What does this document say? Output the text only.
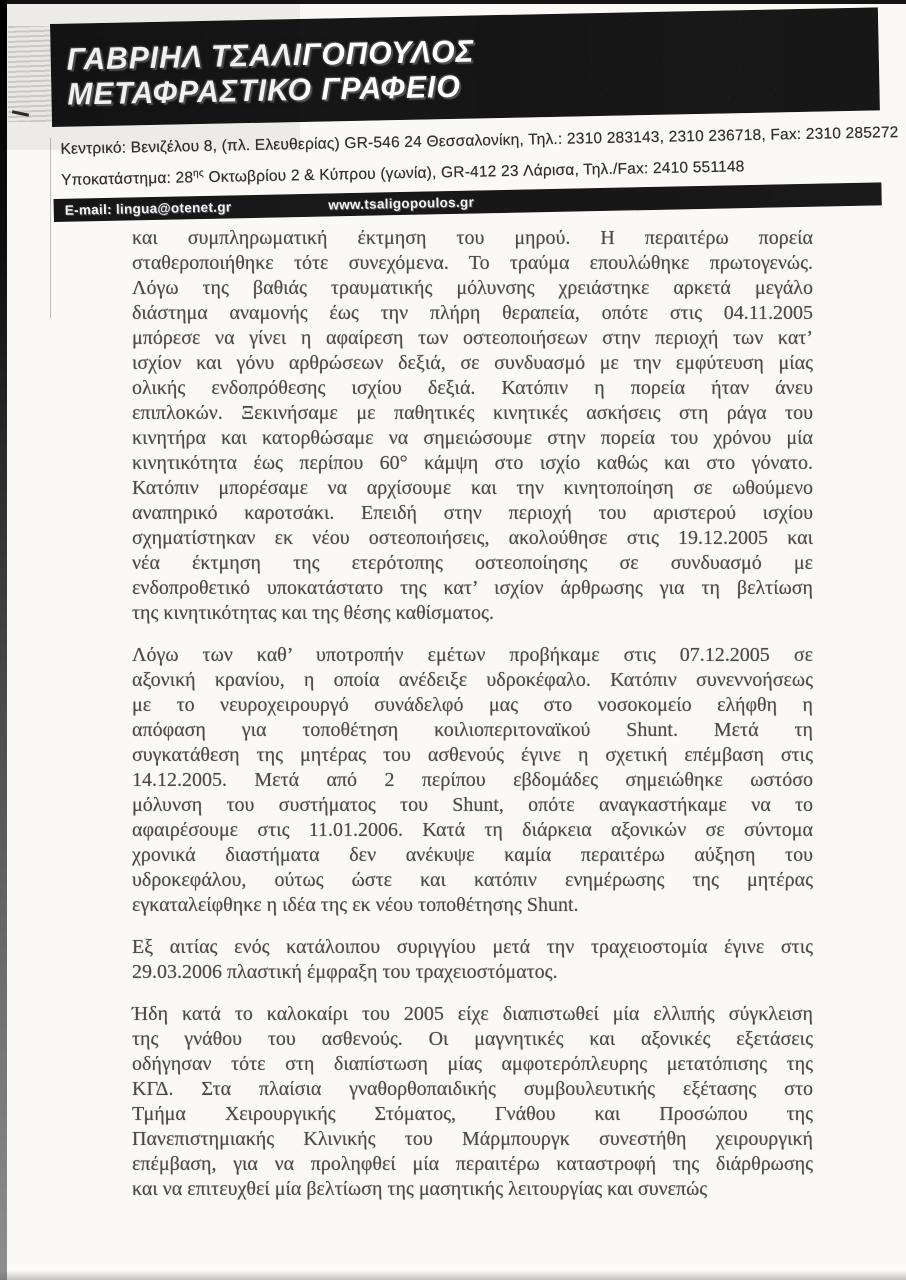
ΓΑΒΡΙΗΛ ΤΣΑΛΙΓΟΠΟΥΛΟΣ
ΜΕΤΑΦΡΑΣΤΙΚΟ ΓΡΑΦΕΙΟ
Κεντρικό: Βενιζέλου 8, (πλ. Ελευθερίας) GR-546 24 Θεσσαλονίκη, Τηλ.: 2310 283143, 2310 236718, Fax: 2310 285272
Υποκατάστημα: $28^{\eta\varsigma}$ Οκτωβρίου 2 & Κύπρου (γωνία), GR-412 23 Λάρισα, Τηλ./Fax: 2410 551148
E-mail: lingua@otenet.gr	www.tsaligopoulos.gr
και συμπληρωματική έκτμηση του μηρού. Η περαιτέρω πορεία
σταθεροποιήθηκε τότε συνεχόμενα. Το τραύμα επουλώθηκε πρωτογενώς.
Λόγω της βαθιάς τραυματικής μόλυνσης χρειάστηκε αρκετά μεγάλο
διάστημα αναμονής έως την πλήρη θεραπεία, οπότε στις 04.11.2005
μπόρεσε να γίνει η αφαίρεση των οστεοποιήσεων στην περιοχή των κατ’
ισχίον και γόνυ αρθρώσεων δεξιά, σε συνδυασμό με την εμφύτευση μίας
ολικής ενδοπρόθεσης ισχίου δεξιά. Κατόπιν η πορεία ήταν άνευ
επιπλοκών. Ξεκινήσαμε με παθητικές κινητικές ασκήσεις στη ράγα του
κινητήρα και κατορθώσαμε να σημειώσουμε στην πορεία του χρόνου μία
κινητικότητα έως περίπου 60° κάμψη στο ισχίο καθώς και στο γόνατο.
Κατόπιν μπορέσαμε να αρχίσουμε και την κινητοποίηση σε ωθούμενο
αναπηρικό καροτσάκι. Επειδή στην περιοχή του αριστερού ισχίου
σχηματίστηκαν εκ νέου οστεοποιήσεις, ακολούθησε στις 19.12.2005 και
νέα έκτμηση της ετερότοπης οστεοποίησης σε συνδυασμό με
ενδοπροθετικό υποκατάστατο της κατ’ ισχίον άρθρωσης για τη βελτίωση
της κινητικότητας και της θέσης καθίσματος.
Λόγω των καθ’ υποτροπήν εμέτων προβήκαμε στις 07.12.2005 σε
αξονική κρανίου, η οποία ανέδειξε υδροκέφαλο. Κατόπιν συνεννοήσεως
με το νευροχειρουργό συνάδελφό μας στο νοσοκομείο ελήφθη η
απόφαση για τοποθέτηση κοιλιοπεριτοναϊκού Shunt. Μετά τη
συγκατάθεση της μητέρας του ασθενούς έγινε η σχετική επέμβαση στις
14.12.2005. Μετά από 2 περίπου εβδομάδες σημειώθηκε ωστόσο
μόλυνση του συστήματος του Shunt, οπότε αναγκαστήκαμε να το
αφαιρέσουμε στις 11.01.2006. Κατά τη διάρκεια αξονικών σε σύντομα
χρονικά διαστήματα δεν ανέκυψε καμία περαιτέρω αύξηση του
υδροκεφάλου, ούτως ώστε και κατόπιν ενημέρωσης της μητέρας
εγκαταλείφθηκε η ιδέα της εκ νέου τοποθέτησης Shunt.
Εξ αιτίας ενός κατάλοιπου συριγγίου μετά την τραχειοστομία έγινε στις
29.03.2006 πλαστική έμφραξη του τραχειοστόματος.
Ήδη κατά το καλοκαίρι του 2005 είχε διαπιστωθεί μία ελλιπής σύγκλειση
της γνάθου του ασθενούς. Οι μαγνητικές και αξονικές εξετάσεις
οδήγησαν τότε στη διαπίστωση μίας αμφοτερόπλευρης μετατόπισης της
ΚΓΔ. Στα πλαίσια γναθορθοπαιδικής συμβουλευτικής εξέτασης στο
Τμήμα Χειρουργικής Στόματος, Γνάθου και Προσώπου της
Πανεπιστημιακής Κλινικής του Μάρμπουργκ συνεστήθη χειρουργική
επέμβαση, για να προληφθεί μία περαιτέρω καταστροφή της διάρθρωσης
και να επιτευχθεί μία βελτίωση της μασητικής λειτουργίας και συνεπώς
